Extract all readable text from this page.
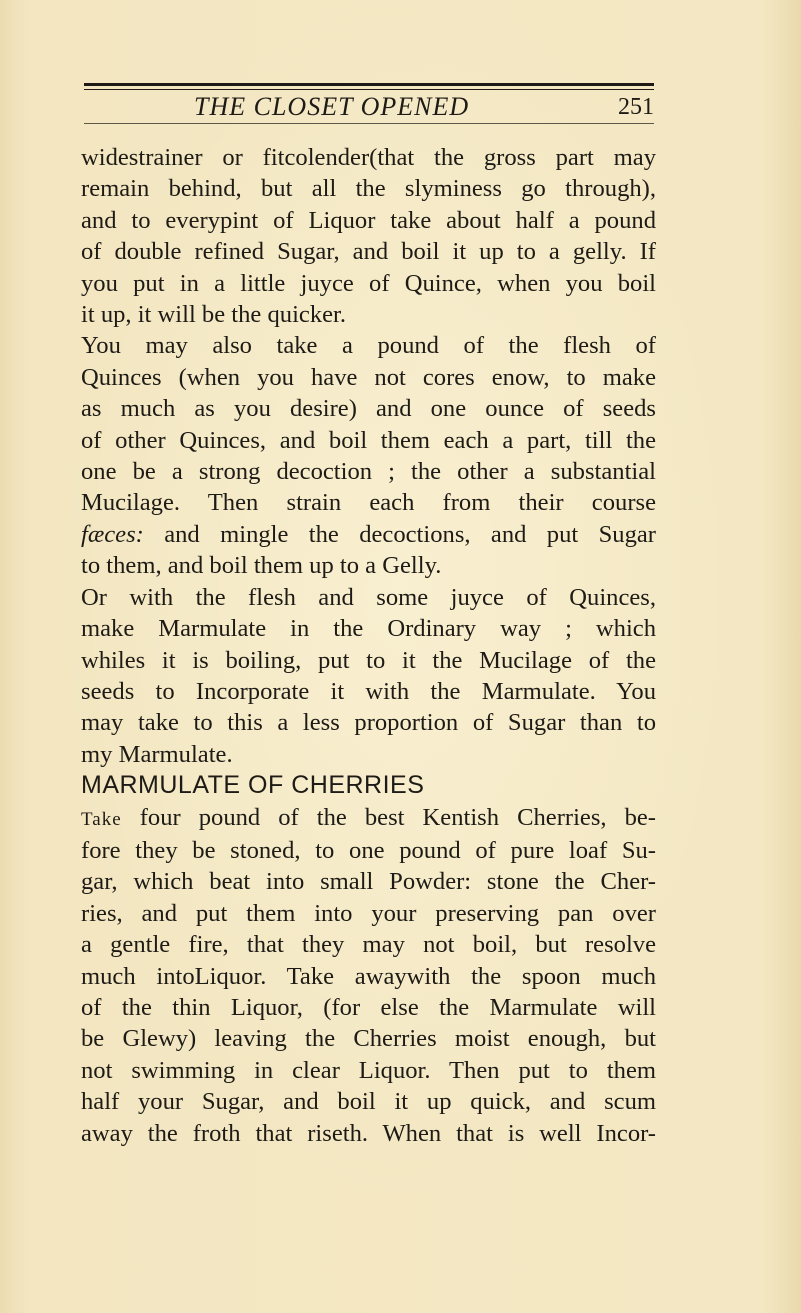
THE CLOSET OPENED	251
widestrainer or fitcolender(that the gross part may
remain behind, but all the slyminess go through),
and to everypint of Liquor take about half a pound
of double refined Sugar, and boil it up to a gelly. If
you put in a little juyce of Quince, when you boil
it up, it will be the quicker.
You may also take a pound of the flesh of
Quinces (when you have not cores enow, to make
as much as you desire) and one ounce of seeds
of other Quinces, and boil them each a part, till the
one be a strong decoction ; the other a substantial
Mucilage. Then strain each from their course
fæces: and mingle the decoctions, and put Sugar
to them, and boil them up to a Gelly.
Or with the flesh and some juyce of Quinces,
make Marmulate in the Ordinary way ; which
whiles it is boiling, put to it the Mucilage of the
seeds to Incorporate it with the Marmulate. You
may take to this a less proportion of Sugar than to
my Marmulate.
MARMULATE OF CHERRIES
Take four pound of the best Kentish Cherries, be-
fore they be stoned, to one pound of pure loaf Su-
gar, which beat into small Powder: stone the Cher-
ries, and put them into your preserving pan over
a gentle fire, that they may not boil, but resolve
much intoLiquor. Take awaywith the spoon much
of the thin Liquor, (for else the Marmulate will
be Glewy) leaving the Cherries moist enough, but
not swimming in clear Liquor. Then put to them
half your Sugar, and boil it up quick, and scum
away the froth that riseth. When that is well Incor-
